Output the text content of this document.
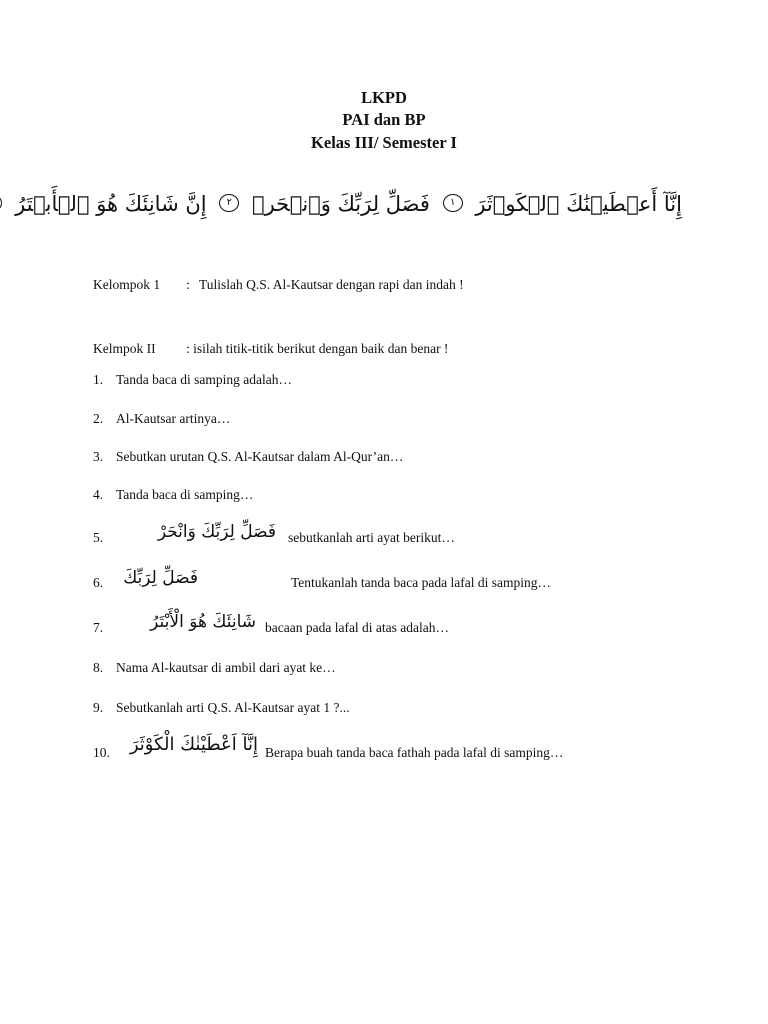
LKPD
PAI dan BP
Kelas III/ Semester I
إِنَّآ أَعۡطَيۡنَٰكَ ٱلۡكَوۡثَرَ ١ فَصَلِّ لِرَبِّكَ وَٱنۡحَرۡ ٢ إِنَّ شَانِئَكَ هُوَ ٱلۡأَبۡتَرُ
Kelompok 1 : Tulislah Q.S. Al-Kautsar dengan rapi dan indah !
Kelmpok II : isilah titik-titik berikut dengan baik dan benar !
1. Tanda baca di samping adalah…
2. Al-Kautsar artinya…
3. Sebutkan urutan Q.S. Al-Kautsar dalam Al-Qur’an…
4. Tanda baca di samping…
5.	فَصَلِّ لِرَبِّكَ وَانْحَرْ sebutkanlah arti ayat berikut…
6.	فَصَلِّ لِرَبِّكَ	Tentukanlah tanda baca pada lafal di samping…
7.	شَانِئَكَ هُوَ الْأَبْتَرُ bacaan pada lafal di atas adalah…
8. Nama Al-kautsar di ambil dari ayat ke…
9. Sebutkanlah arti Q.S. Al-Kautsar ayat 1 ?...
10.	إِنَّآ اَعْطَيْنٰكَ الْكَوْثَرَ Berapa buah tanda baca fathah pada lafal di samping…
